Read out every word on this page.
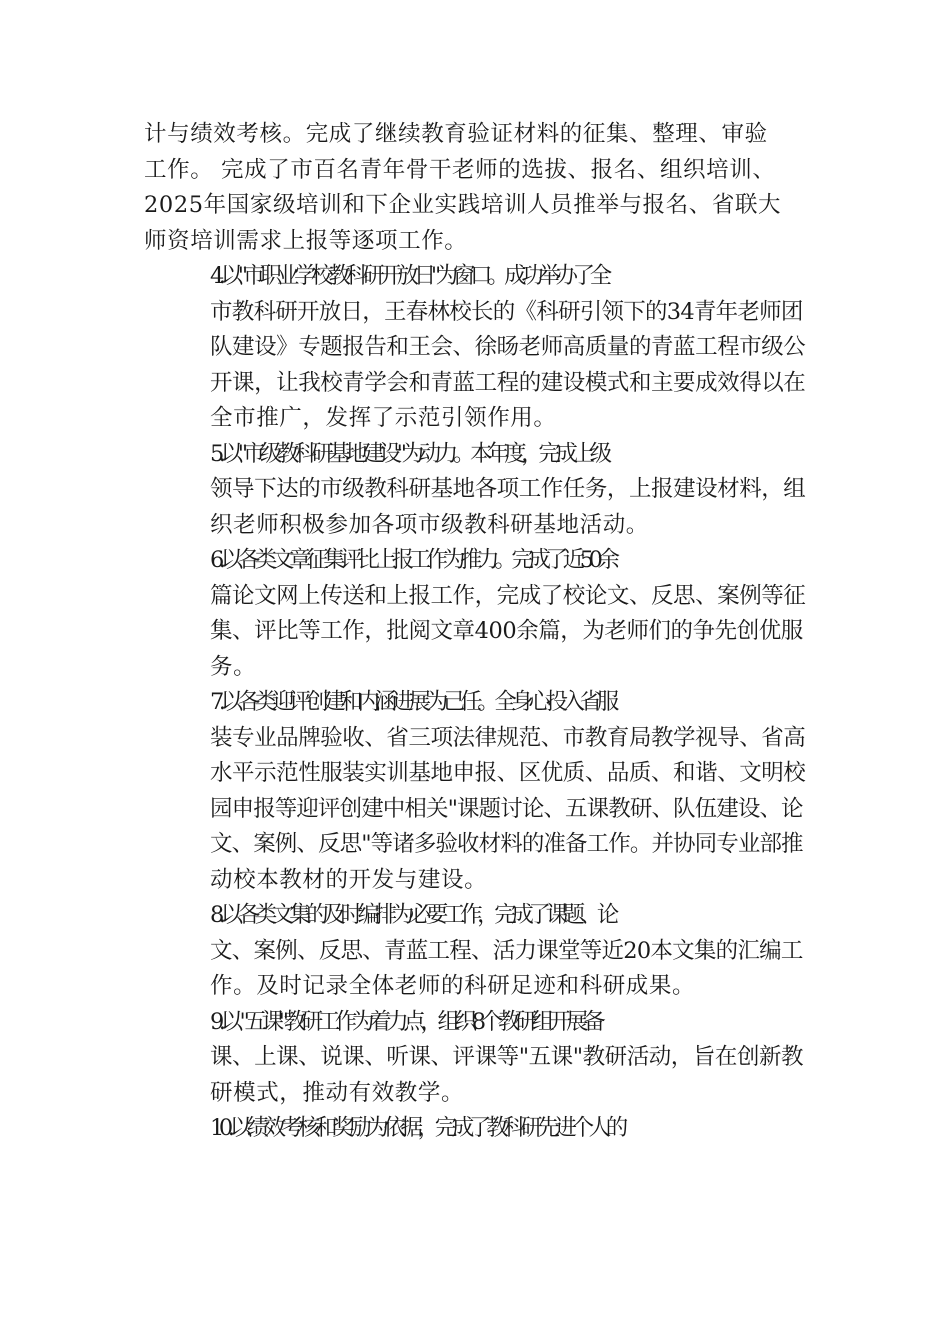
计与绩效考核。完成了继续教育验证材料的征集、整理、审验
工作。 完成了市百名青年骨干老师的选拔、报名、组织培训、
2025年国家级培训和下企业实践培训人员推举与报名、省联大
师资培训需求上报等逐项工作。
4.以"市职业学校教科研开放日"为窗口。成功举办了全
市教科研开放日，王春林校长的《科研引领下的34青年老师团
队建设》专题报告和王会、徐旸老师高质量的青蓝工程市级公
开课，让我校青学会和青蓝工程的建设模式和主要成效得以在
全市推广，发挥了示范引领作用。
5.以"市级教科研基地建设"为动力。本年度，完成上级
领导下达的市级教科研基地各项工作任务，上报建设材料，组
织老师积极参加各项市级教科研基地活动。
6.以各类文章征集评比上报工作为推力。完成了近50余
篇论文网上传送和上报工作，完成了校论文、反思、案例等征
集、评比等工作，批阅文章400余篇，为老师们的争先创优服
务。
7.以各类迎评创建和内涵进展为己任。全身心投入省服
装专业品牌验收、省三项法律规范、市教育局教学视导、省高
水平示范性服装实训基地申报、区优质、品质、和谐、文明校
园申报等迎评创建中相关"课题讨论、五课教研、队伍建设、论
文、案例、反思"等诸多验收材料的准备工作。并协同专业部推
动校本教材的开发与建设。
8.以各类文集的及时编排为必要工作，完成了课题、论
文、案例、反思、青蓝工程、活力课堂等近20本文集的汇编工
作。及时记录全体老师的科研足迹和科研成果。
9.以 "五课"教研工作为着力点，组织8个教研组开展备
课、上课、说课、听课、评课等"五课"教研活动，旨在创新教
研模式，推动有效教学。
10.以绩效考核和奖励为依据，完成了教科研先进个人的
